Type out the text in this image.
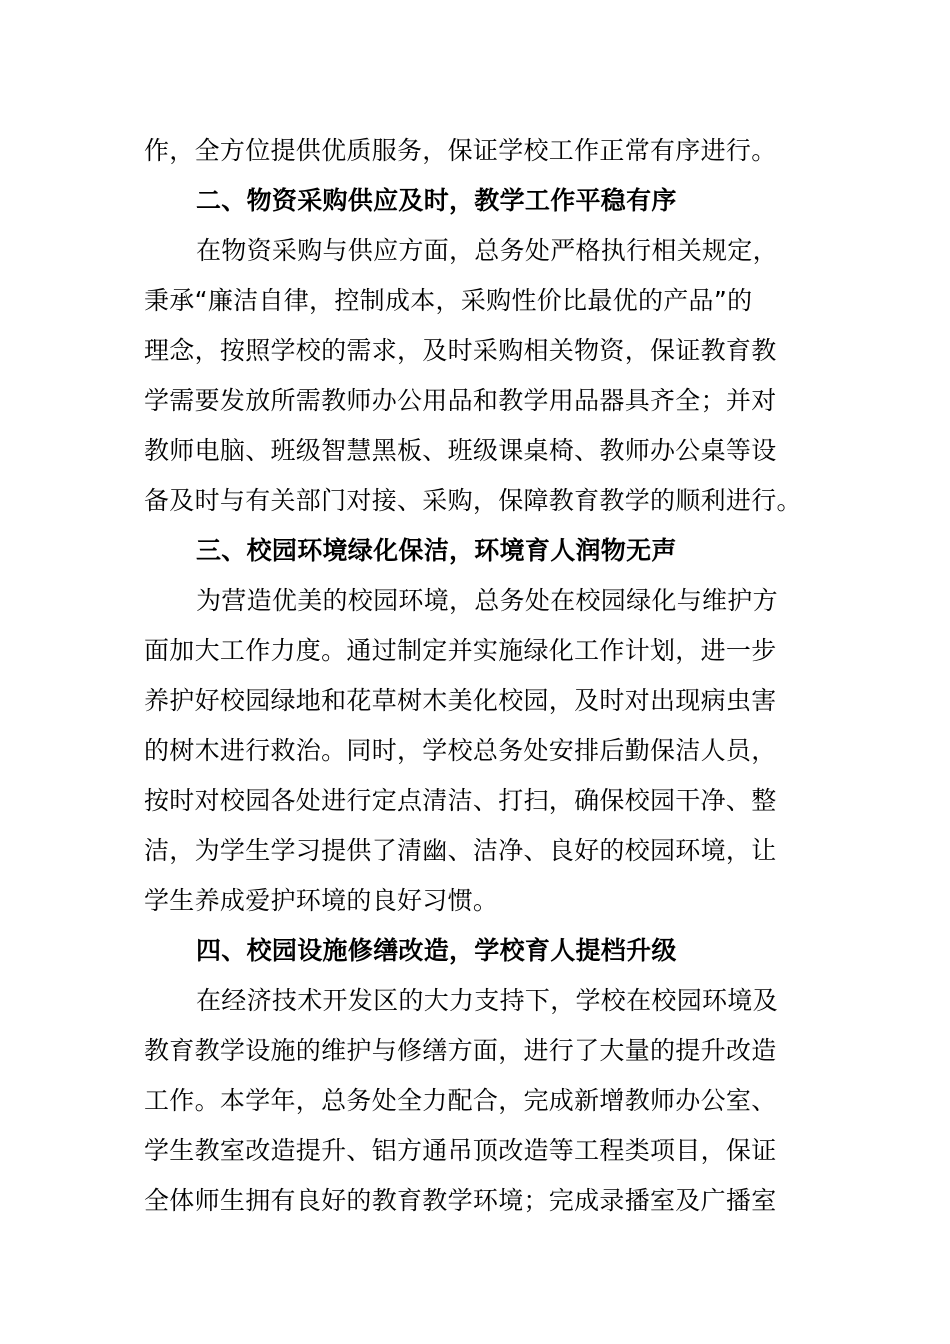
作，全方位提供优质服务，保证学校工作正常有序进行。
二、物资采购供应及时，教学工作平稳有序
在物资采购与供应方面，总务处严格执行相关规定，
秉承“廉洁自律，控制成本，采购性价比最优的产品”的
理念，按照学校的需求，及时采购相关物资，保证教育教
学需要发放所需教师办公用品和教学用品器具齐全；并对
教师电脑、班级智慧黑板、班级课桌椅、教师办公桌等设
备及时与有关部门对接、采购，保障教育教学的顺利进行。
三、校园环境绿化保洁，环境育人润物无声
为营造优美的校园环境，总务处在校园绿化与维护方
面加大工作力度。通过制定并实施绿化工作计划，进一步
养护好校园绿地和花草树木美化校园，及时对出现病虫害
的树木进行救治。同时，学校总务处安排后勤保洁人员，
按时对校园各处进行定点清洁、打扫，确保校园干净、整
洁，为学生学习提供了清幽、洁净、良好的校园环境，让
学生养成爱护环境的良好习惯。
四、校园设施修缮改造，学校育人提档升级
在经济技术开发区的大力支持下，学校在校园环境及
教育教学设施的维护与修缮方面，进行了大量的提升改造
工作。本学年，总务处全力配合，完成新增教师办公室、
学生教室改造提升、铝方通吊顶改造等工程类项目，保证
全体师生拥有良好的教育教学环境；完成录播室及广播室
